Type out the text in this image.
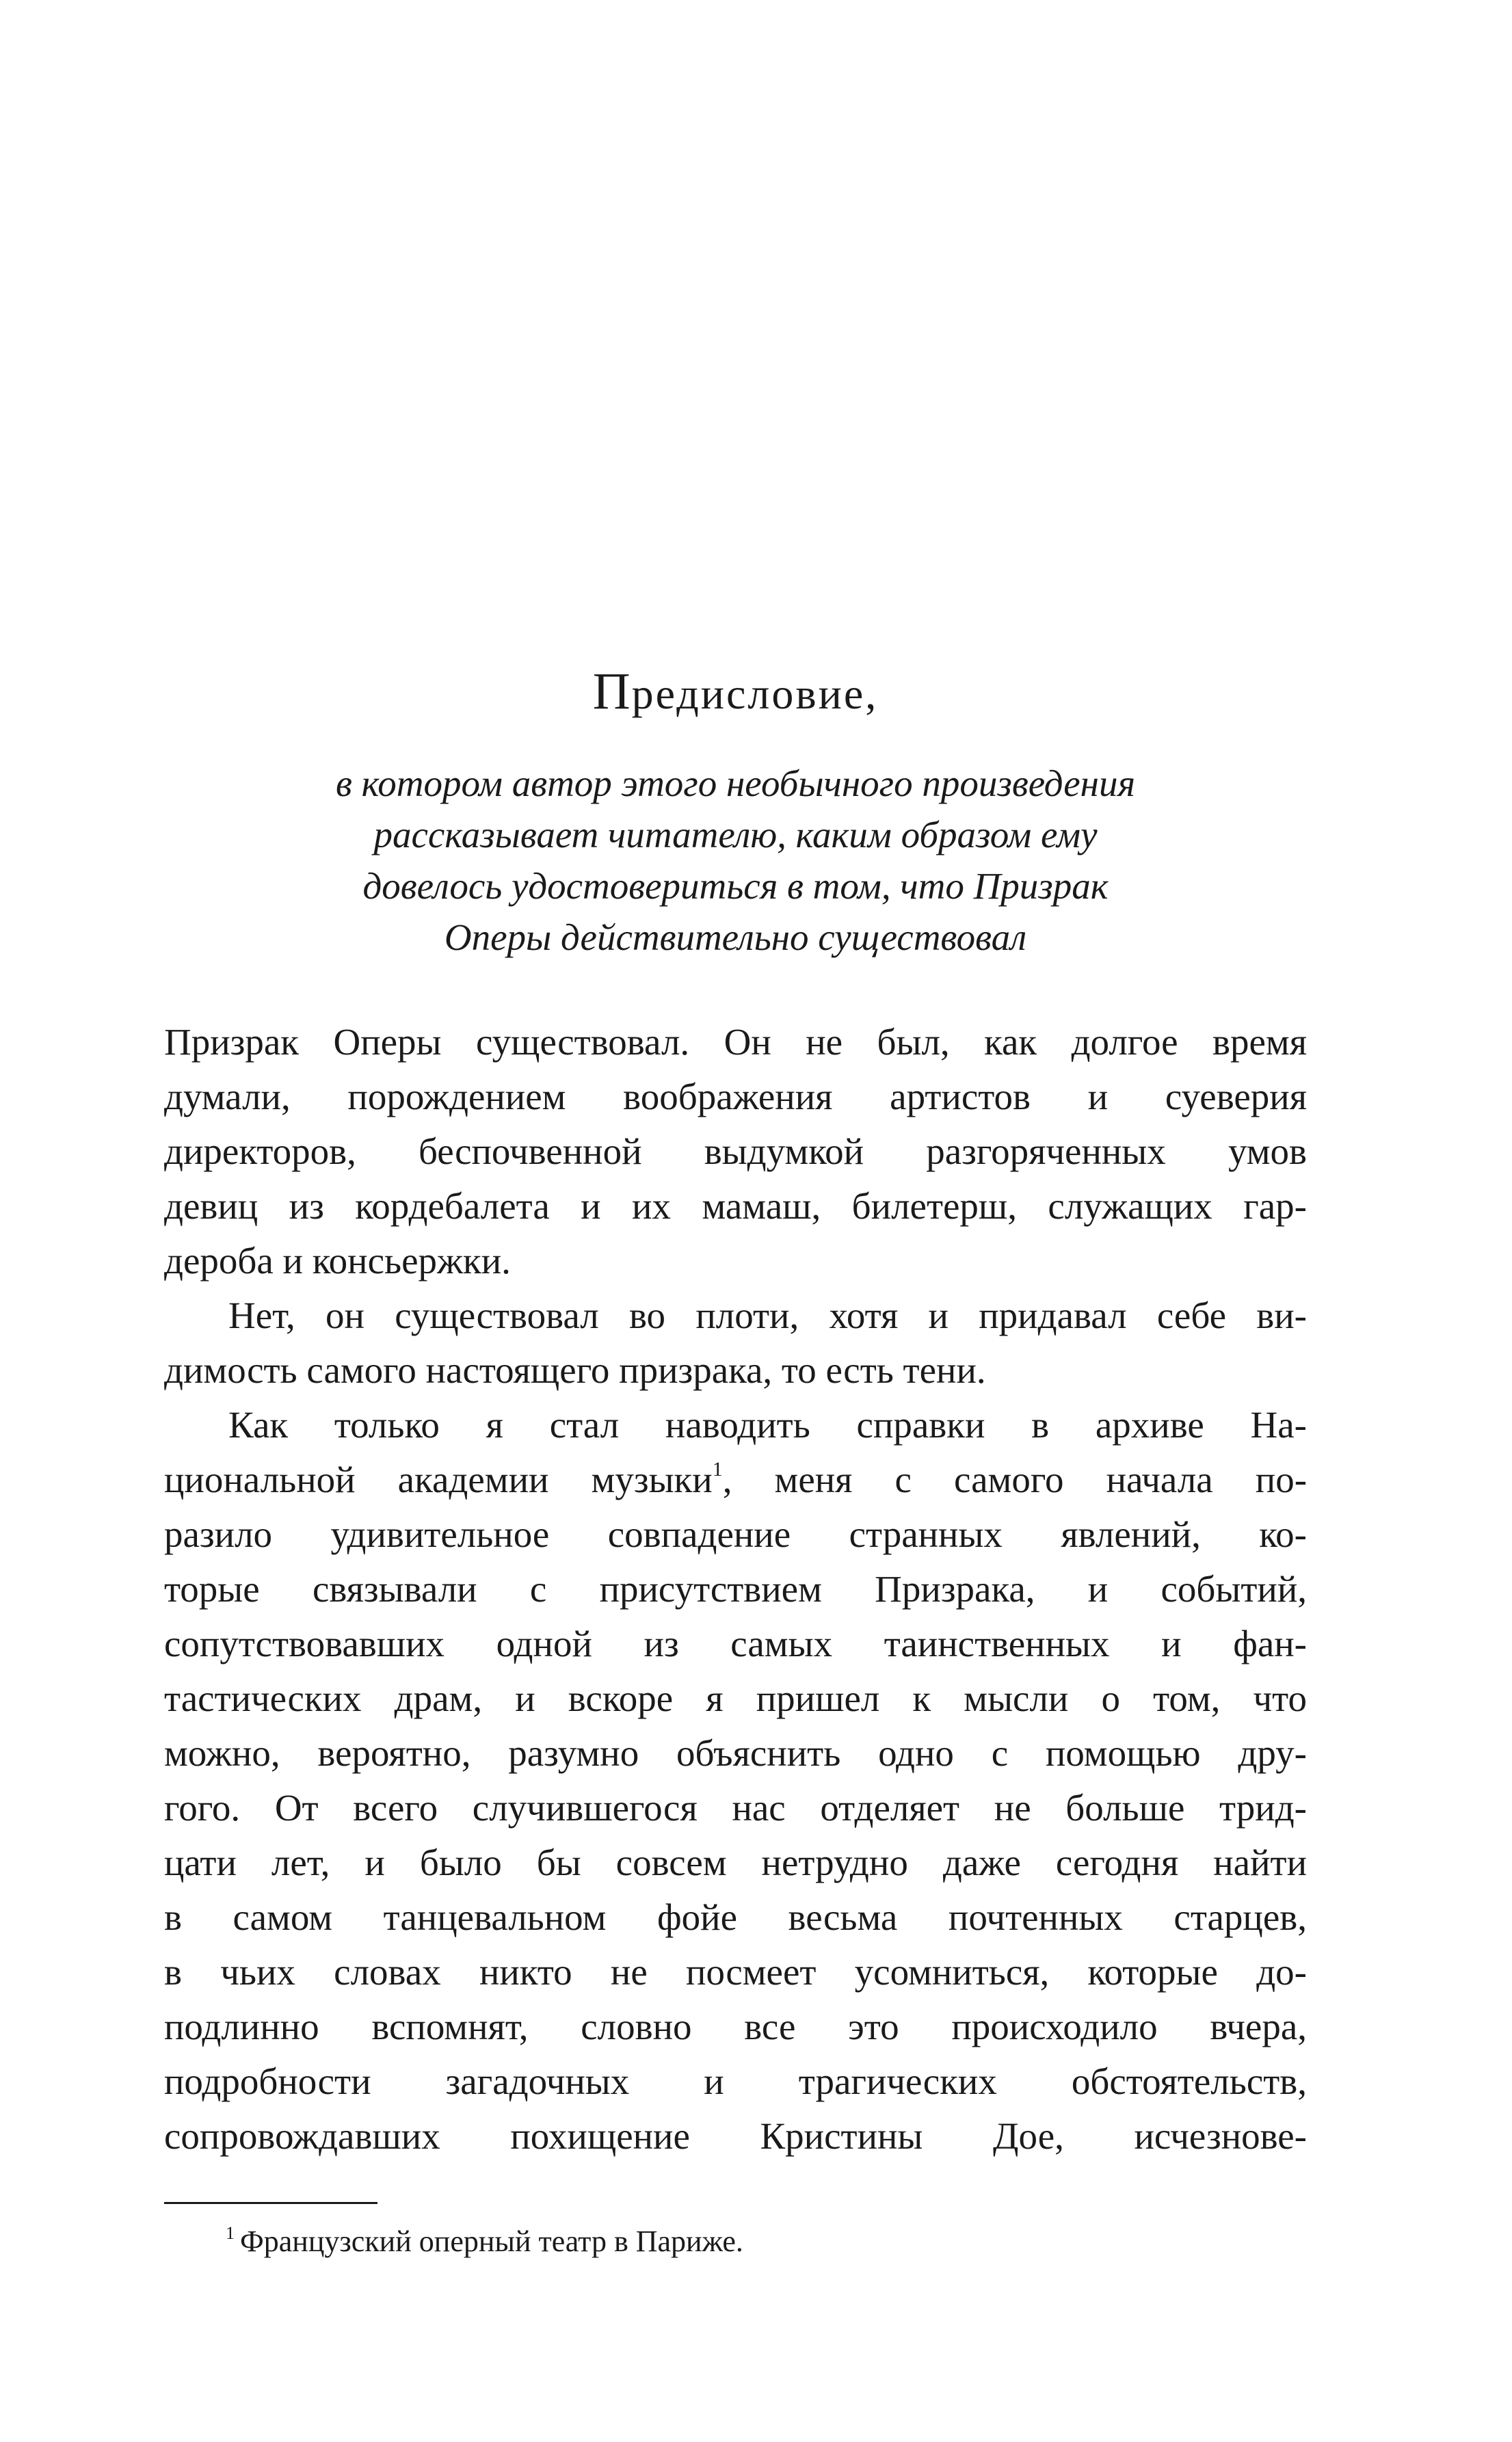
Предисловие,

в котором автор этого необычного произведения
рассказывает читателю, каким образом ему
довелось удостовериться в том, что Призрак
Оперы действительно существовал

Призрак Оперы существовал. Он не был, как долгое время
думали, порождением воображения артистов и суеверия
директоров, беспочвенной выдумкой разгоряченных умов
девиц из кордебалета и их мамаш, билетерш, служащих гар-
дероба и консьержки.
Нет, он существовал во плоти, хотя и придавал себе ви-
димость самого настоящего призрака, то есть тени.
Как только я стал наводить справки в архиве На-
циональной академии музыки$^1$, меня с самого начала по-
разило удивительное совпадение странных явлений, ко-
торые связывали с присутствием Призрака, и событий,
сопутствовавших одной из самых таинственных и фан-
тастических драм, и вскоре я пришел к мысли о том, что
можно, вероятно, разумно объяснить одно с помощью дру-
гого. От всего случившегося нас отделяет не больше трид-
цати лет, и было бы совсем нетрудно даже сегодня найти
в самом танцевальном фойе весьма почтенных старцев,
в чьих словах никто не посмеет усомниться, которые до-
подлинно вспомнят, словно все это происходило вчера,
подробности загадочных и трагических обстоятельств,
сопровождавших похищение Кристины Дое, исчезнове-
$^1$ Французский оперный театр в Париже.
